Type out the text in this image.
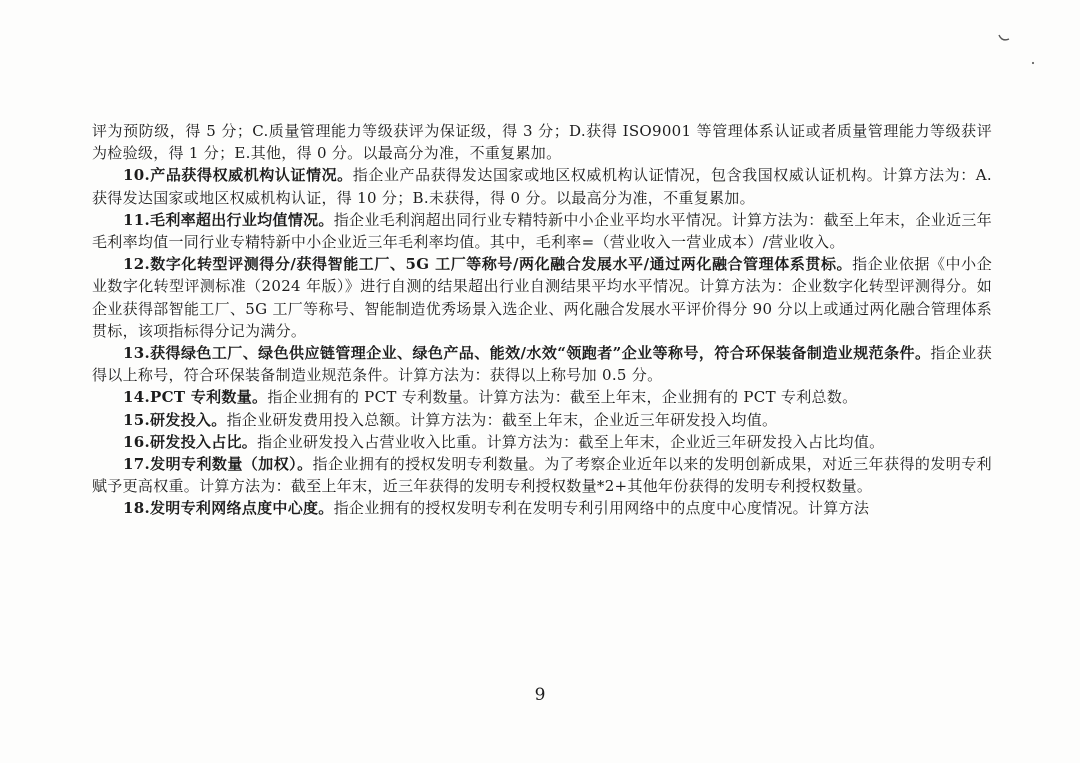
评为预防级，得 5 分；C.质量管理能力等级获评为保证级，得 3 分；D.获得 ISO9001 等管理体系认证或者质量管理能力等级获评为检验级，得 1 分；E.其他，得 0 分。以最高分为准，不重复累加。

10.产品获得权威机构认证情况。指企业产品获得发达国家或地区权威机构认证情况，包含我国权威认证机构。计算方法为：A.获得发达国家或地区权威机构认证，得 10 分；B.未获得，得 0 分。以最高分为准，不重复累加。

11.毛利率超出行业均值情况。指企业毛利润超出同行业专精特新中小企业平均水平情况。计算方法为：截至上年末，企业近三年毛利率均值一同行业专精特新中小企业近三年毛利率均值。其中，毛利率=（营业收入一营业成本）/营业收入。

12.数字化转型评测得分/获得智能工厂、5G 工厂等称号/两化融合发展水平/通过两化融合管理体系贯标。指企业依据《中小企业数字化转型评测标准（2024 年版）》进行自测的结果超出行业自测结果平均水平情况。计算方法为：企业数字化转型评测得分。如企业获得部智能工厂、5G 工厂等称号、智能制造优秀场景入选企业、两化融合发展水平评价得分 90 分以上或通过两化融合管理体系贯标，该项指标得分记为满分。

13.获得绿色工厂、绿色供应链管理企业、绿色产品、能效/水效“领跑者”企业等称号，符合环保装备制造业规范条件。指企业获得以上称号，符合环保装备制造业规范条件。计算方法为：获得以上称号加 0.5 分。

14.PCT 专利数量。指企业拥有的 PCT 专利数量。计算方法为：截至上年末，企业拥有的 PCT 专利总数。

15.研发投入。指企业研发费用投入总额。计算方法为：截至上年末，企业近三年研发投入均值。

16.研发投入占比。指企业研发投入占营业收入比重。计算方法为：截至上年末，企业近三年研发投入占比均值。

17.发明专利数量（加权）。指企业拥有的授权发明专利数量。为了考察企业近年以来的发明创新成果，对近三年获得的发明专利赋予更高权重。计算方法为：截至上年末，近三年获得的发明专利授权数量*2+其他年份获得的发明专利授权数量。

18.发明专利网络点度中心度。指企业拥有的授权发明专利在发明专利引用网络中的点度中心度情况。计算方法

9
